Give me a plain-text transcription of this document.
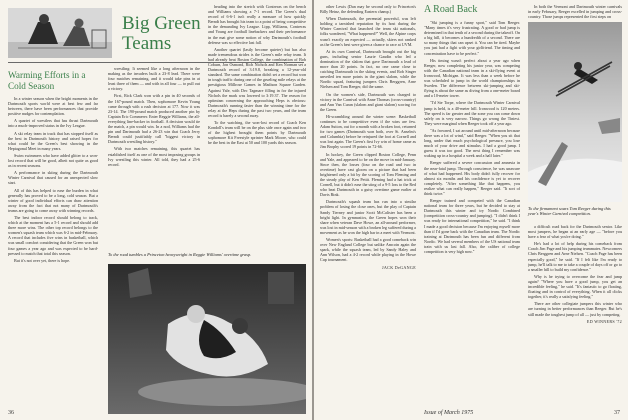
Big Green
Teams
Warming Efforts in a
Cold Season

In a winter season when the bright moments in the Dartmouth sports world were at best few and far between, there have been performances that provide positive nudges for contemplation.

A quartet of wrestlers that has thrust Dartmouth into a much-improved status in the Ivy League.

A ski relay team in track that has stopped itself as the best in Dartmouth history and raised hopes for what could be the Green's best showing in the Heptagonal Meet in many years.

Swim swimmers who have added glitter to a won-lost record that will be good, albeit not quite as good as in recent seasons.

A performance in skiing during the Dartmouth Winter Carnival that caused for an unexpected slow start.

All of this has helped to ease the burden in what generally has proved to be a long, cold season. But a winter of good individual efforts can draw attention away from the fact that not many of Dartmouth's teams are going to come away with winning records.

The best indoor record should belong to track, which at the moment has a 5-1 record and should add three more wins. The other top record belongs to the women's squash team which was 6-2 in mid-February. A record that includes five wins in basketball, which was small comfort considering that the Green won but four games a year ago and was expected to be hard-pressed to match that total this season.

But it's not over yet, there is hope.

wrestling: It seemed like a long afternoon in the making as the invaders built a 23-8 lead. There were four matches remaining, and it would take pins in at least three of them — and with in all four — to pull out a victory.

First, Rick Clark won with a pin in 40 seconds of the 167-pound match. Then, sophomore Kevin Young came through with a rush decision at 177. Now it was 23-14. The 190-pound match produced another pin by Captain Eric Commerer. Enter Reggie Williams, the all-everything line-backer in football. A decision would tie the match, a pin would win. In a nod, Williams had the pin and Dartmouth had a 26-23 win that Coach Jerry Berndt could justifiably call "biggest victory in Dartmouth wrestling history."

With two matches remaining, this quartet has established itself as one of the most imposing groups in Ivy wrestling this winter. All told, they had a 25-6 record.

heading into the stretch with Contreras on the bench and Williams showing a 7-1 record. The Green's dual record of 6-6-1 isn't really a measure of how quickly Berndt has brought his team to a point of being competitive in the demanding Ivy League. Lipp, Williams, Contreras and Young are football linebackers and their performance in the mat give some notion of why Dartmouth's football defense was so effective last fall.

Another quartet (lastly become quieter) but has also made tremendous strides is the Green's mile relay team. It had already beat Boston College, the combination of Bob Coburn, Jon Osmond, Rich Nichols and Ken Norman set a Dartmouth record of 3:19.8, breaking a 12-year-old standard. The same combination didn't set a record but won in tough traffic during one of the grueling mile relays at the prestigious Millrose Games in Madison Square Garden. Against Yale, with Dec Tagmare filling in for the injured Nichols the mark was lowered to 3:19.37. The reason for optimism concerning the approaching Heps is obvious: Dartmouth's running faster than the winning time for the relay at the Heps during the past two years, and the team record is barely a second away.

To the watching, the won-lost record of Coach Ken Kondoll's team will be on the plus side once again and two of the highest brought them points by Dartmouth sophomore Kit Freestyle sprinter Mark Moore, who could be the best in the East at 50 and 100 yards this season.

To the road tumbles a Princeton heavyweight in Reggie Williams' overtime grasp.
36

other Lewis (Dan may be second only to Princeton's Billy Heinz, the defending Eastern champ.)

When Dartmouth, the perennial powerful, was left holding a tarnished reputation by its host during the Winter Carnival that launched the team ski nationals, folks wondered, "What happened?" Well, the Alpine corps wasn't exactly an expected — actually, skiers not ranked as the Green's best were given a chance to race at UVM.

At its own Carnival, Dartmouth brought out the big guns, including senior Laurie Gaudin who led a domination of the slalom that gave Dartmouth a lead of more than 20 points. In fact, no one came close to catching Dartmouth in the skiing events, and Rob Singer unveiled ten more points in the giant slalom, while the Nordic squad, featuring jumpers Chris Berggren, Arne Nielsen and Tom Reeger, did the same.

On the women's side, Dartmouth was charged to victory in the Carnival with Anne Thomas (cross-country) and Ann Van Curan (slalom and giant slalom) scoring for the Green.

Hi-scrambling around the winter scene: Basketball continues to be competitive even if the wins are few. Adam Sutton, out for a month with a broken foot, returned for two games (Dartmouth won both, over St. Anselm's and Columbia) before he reinjured the foot at Cornell and was lost again. The Green's first Ivy win of home came as Jim Brophy scored 19 points in 72-66.

In hockey, the Green clipped Boston College, Penn and Yale, and appeared to be on the move in mid-January. Since then, the losses (four on the road and two in overtime) have cast gloom on a picture that had been brightened only a bit by the scoring of Tom Fleming and the steady play of Ken Pettit. Fleming had a hat trick at Cornell, but it didn't ease the sting of a 9-5 loss to the Red who beat Dartmouth in a gutsy overtime game earlier at Davis Rink.

Dartmouth's squash team has run into a similar problem of losing the close ones, but the play of Captain Sandy Tierney and junior Scott McCalister has been a bright light. In gymnastics, the Green hopes won their share when veteran Dave Howe, an all-around performer, was lost in mid-season with a broken leg suffered during a movement as he won the high bar in a meet with Vermont.

Women's sports: Basketball had a good comeback win over New England College but unlike Amcoin again the spark, while the squash team, led by Sandy Haley and Ann Wilson, had a 4-2 record while playing in the Howe Cup tournament.

JACK DeGANGE

A Road Back

"Ski jumping is a funny sport," said Tom Reeger. "Many times it's very frustrating. A good or bad jump is determined in that tenth of a second during the takeoff. On a big hill, it becomes a hundredth of a second. There are so many things that can upset it. You can be tired. Maybe you just had a fight with your girlfriend. The timing and concentration have to be perfect."

His timing wasn't perfect about a year ago when Reeger, now completing his junior year, was competing with the Canadian national team in a ski-flying event at Ironwood, Michigan. It was less than a week before he was scheduled to jump in the world championships in Sweden. The difference between ski-jumping and ski-flying is about the same as diving from a one-meter board and a 10-meter tower.

"I'd Ste Torpe, where the Dartmouth Winter Carnival jump is held, is a 40-meter hill. Ironwood is 120 meters. The speed is far greater and the zone you can come down safely on is very narrow. Things go wrong the Tiniest. They were marginal when Reeger took off a year ago.

"As frowned, I sat around until mid-afternoon because there was a lot of wind," said Reeger. "When you sit that long, under that much psychological pressure, you lose much of your drive and stimulus. I had a good jump. I guess it was too good. The next thing I remember was waking up in a hospital a week and a half later."

Reeger suffered a severe concussion and amnesia in the near-fatal jump. Through conscience, he was unaware of what had happened. His body didn't fully recover for almost six months and his confidence is yet to recover completely. "After something like that happens, you realize what can really happen," Reeger said. "It sort of think twice."

Reeger trained and competed with the Canadian national team for three years, but he decided to stay at Dartmouth this winter and try Nordic Combined (competition cross-country and jumping). "I didn't think I was ready for international competition," he said. "I think I made a good decision because I'm enjoying myself more than if I'd gone back with the Canadian team. The Nordic training at Dartmouth has been fun and different from Nordic. We had several members of the US national team train with us last fall. Also, the caliber of college competition is very high now."

In both the Vermont and Dartmouth winter carnivals in early February, Reeger excelled in jumping and cross-country. Those jumps represented the first steps on

To the firmament soars Tom Reeger during this year's Winter Carnival competition.

a difficult road back for the Dartmouth senior. Like most jumpers, he began at an early age — "before you have a fear of what you're doing."

He's had a lot of help during his comeback from Coach Jim Page and his jumping teammates. Newcomers Chris Berggren and Arne Nielsen. "Coach Page has been especially good," he said. "If I felt like I'm ready to jump, he'll talk to me to take a couple of days off or go to a smaller hill to build my confidence."

Why is he trying to overcome the fear and jump again? "Where you have a good jump, you get an incredible feeling," he said. "It's fantastic to go floating, floating and in control of everything. When it all clicks together, it's really a satisfying feeling."

There are other collegiate jumpers this winter who are turning in better performances than Reeger. But he's still made the toughest jump of all — just by competing.

ED WINNERS '72

Issue of March 1975	37
